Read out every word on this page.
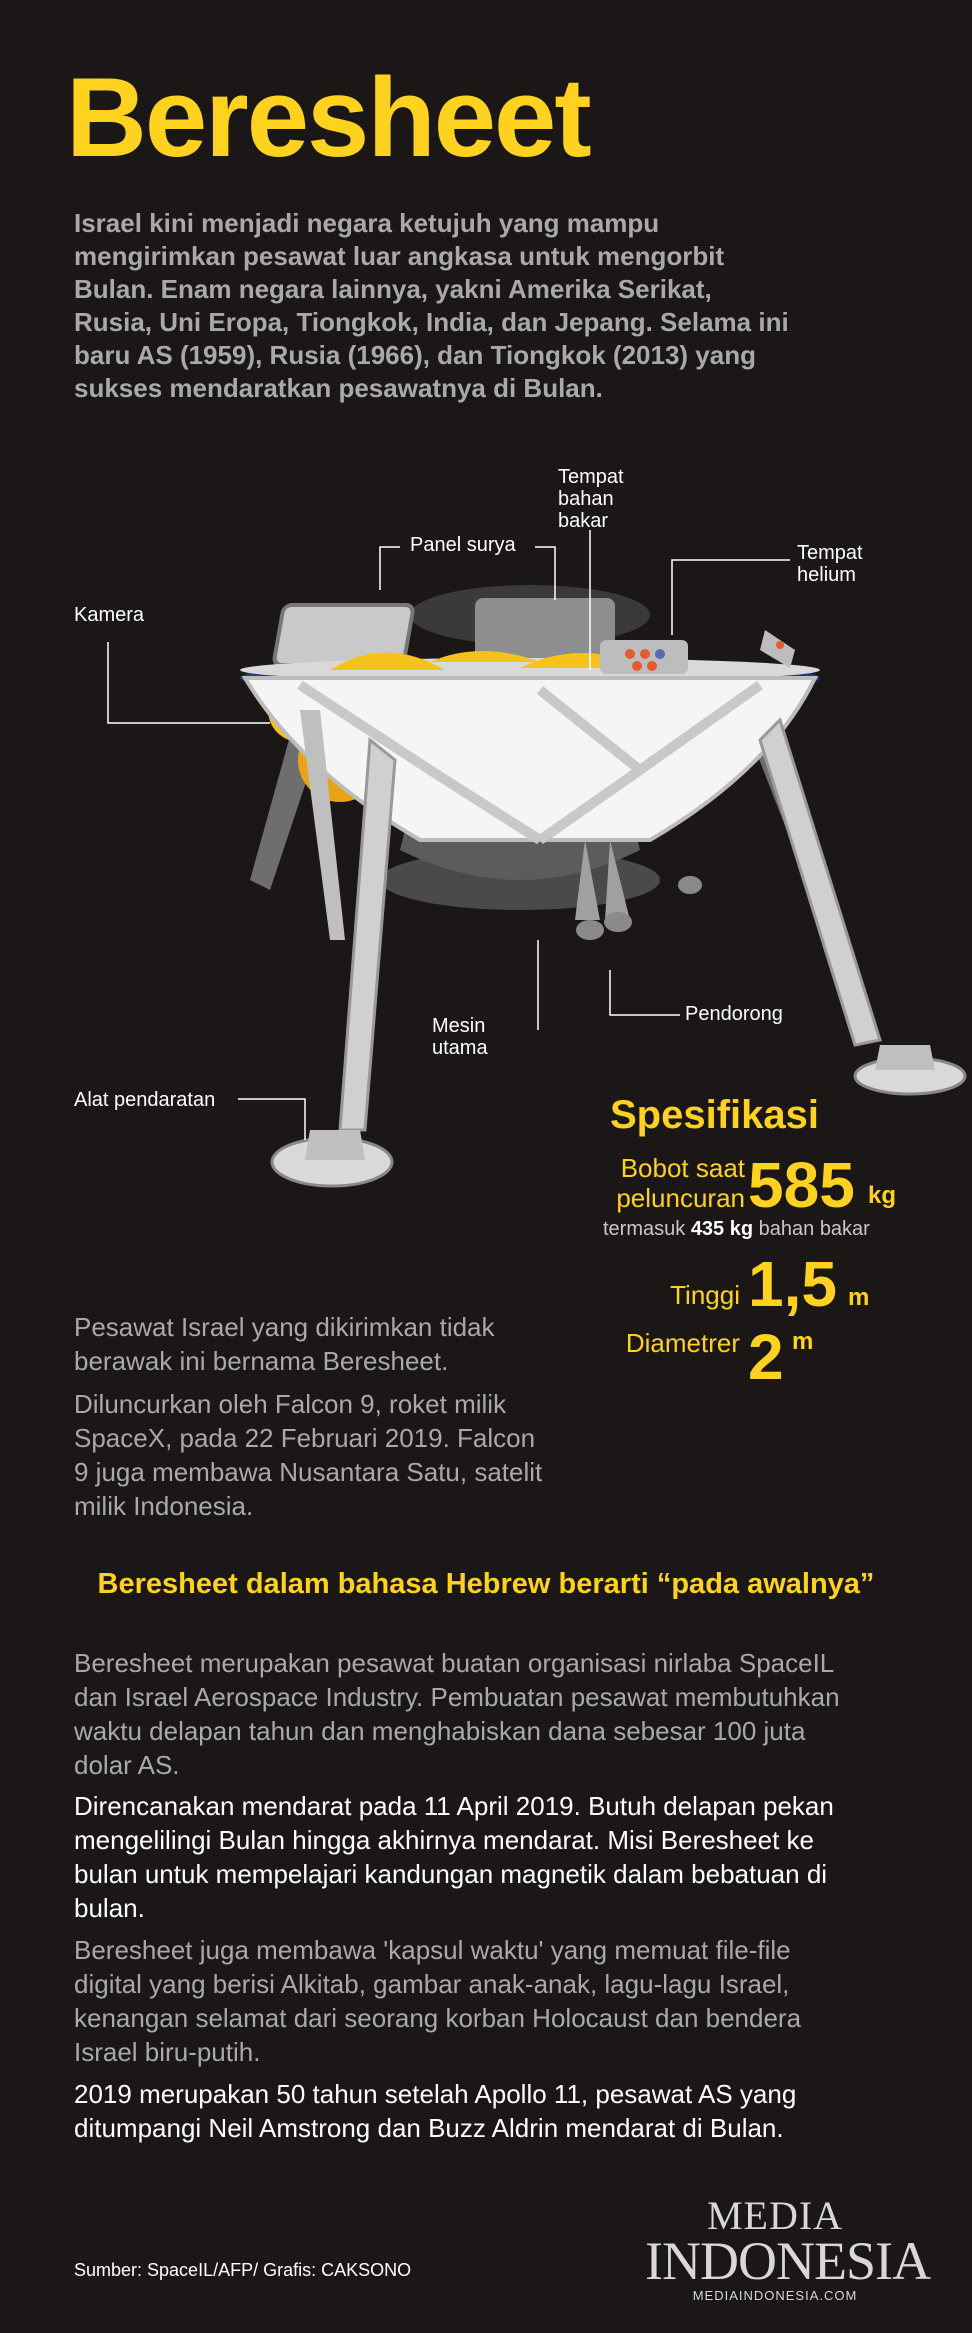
Beresheet
Israel kini menjadi negara ketujuh yang mampu mengirimkan pesawat luar angkasa untuk mengorbit Bulan. Enam negara lainnya, yakni Amerika Serikat, Rusia, Uni Eropa, Tiongkok, India, dan Jepang. Selama ini baru AS (1959), Rusia (1966), dan Tiongkok (2013) yang sukses mendaratkan pesawatnya di Bulan.
Kamera
Panel surya
Tempat bahan bakar
Tempat helium
Mesin utama
Pendorong
Alat pendaratan	Spesifikasi
Bobot saat peluncuran 585 kg
termasuk 435 kg bahan bakar
Tinggi 1,5 m
Diametrer 2 m
Pesawat Israel yang dikirimkan tidak berawak ini bernama Beresheet.
Diluncurkan oleh Falcon 9, roket milik SpaceX, pada 22 Februari 2019. Falcon 9 juga membawa Nusantara Satu, satelit milik Indonesia.
Beresheet dalam bahasa Hebrew berarti “pada awalnya”
Beresheet merupakan pesawat buatan organisasi nirlaba SpaceIL dan Israel Aerospace Industry. Pembuatan pesawat membutuhkan waktu delapan tahun dan menghabiskan dana sebesar 100 juta dolar AS.
Direncanakan mendarat pada 11 April 2019. Butuh delapan pekan mengelilingi Bulan hingga akhirnya mendarat. Misi Beresheet ke bulan untuk mempelajari kandungan magnetik dalam bebatuan di bulan.
Beresheet juga membawa 'kapsul waktu' yang memuat file-file digital yang berisi Alkitab, gambar anak-anak, lagu-lagu Israel, kenangan selamat dari seorang korban Holocaust dan bendera Israel biru-putih.
2019 merupakan 50 tahun setelah Apollo 11, pesawat AS yang ditumpangi Neil Amstrong dan Buzz Aldrin mendarat di Bulan.
Sumber: SpaceIL/AFP/ Grafis: CAKSONO
MEDIA
INDONESIA
MEDIAINDONESIA.COM
